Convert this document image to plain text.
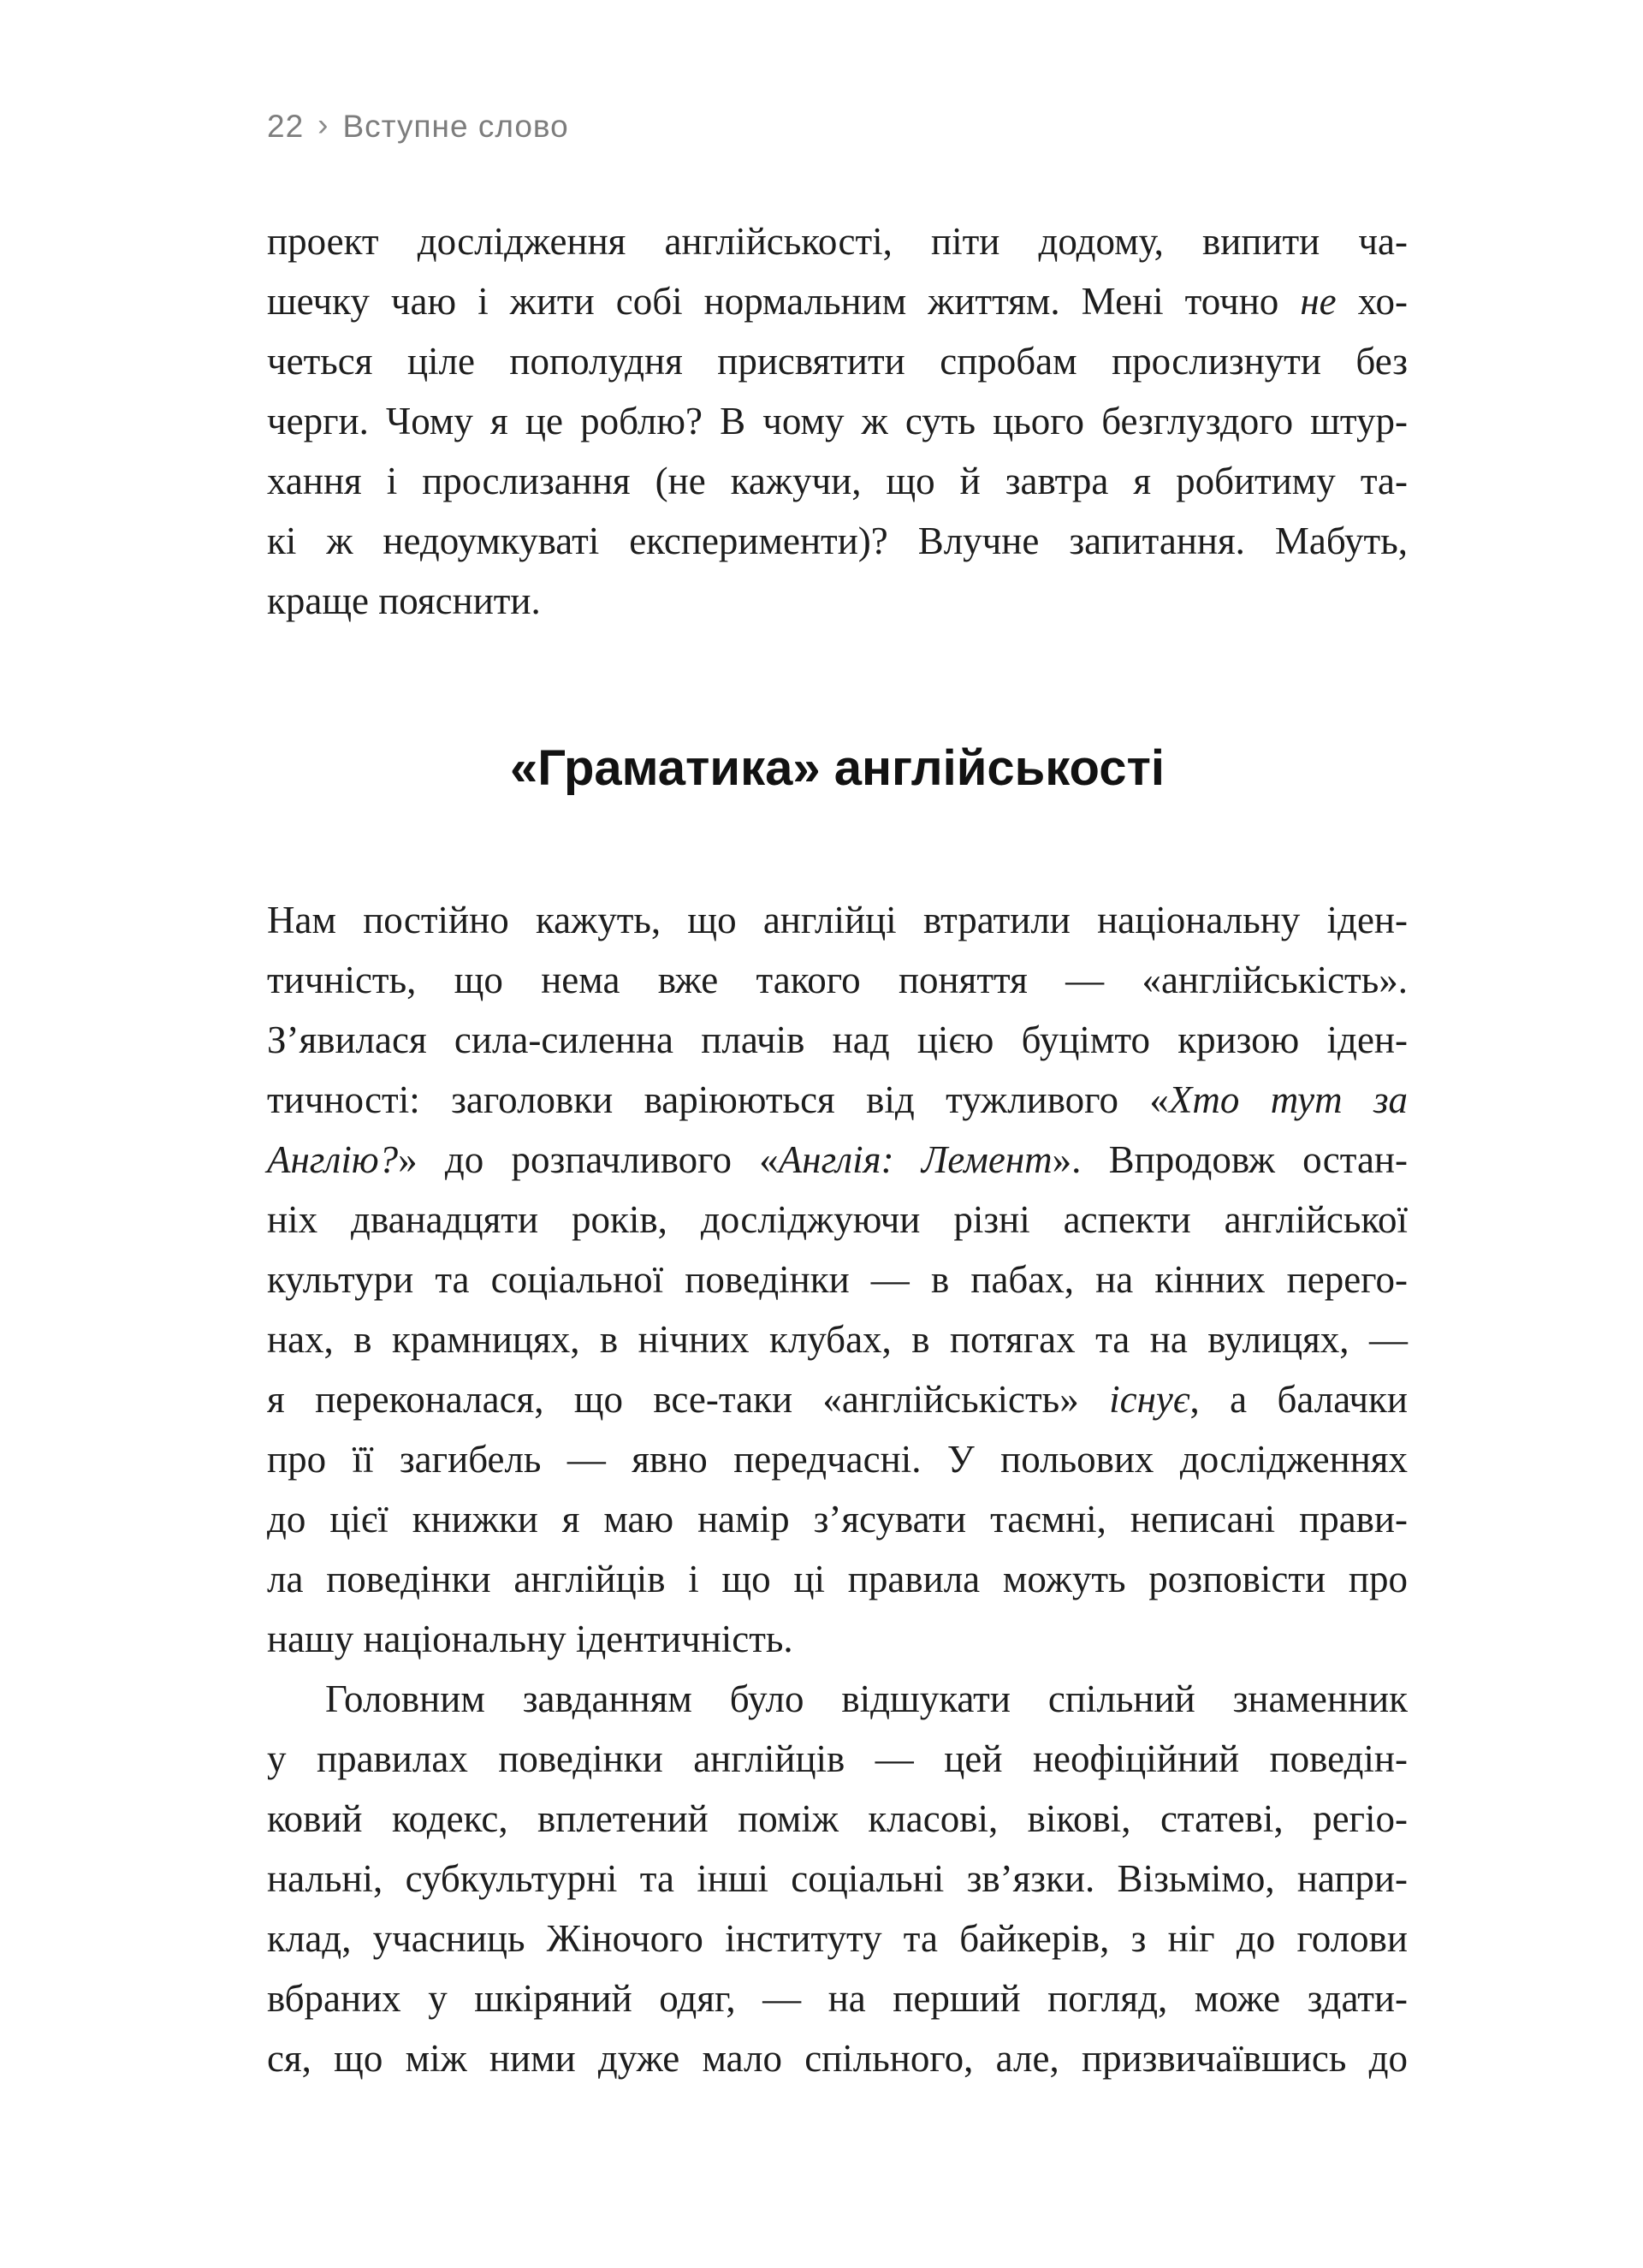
22 › Вступне слово
проект дослідження англійськості, піти додому, випити ча-
шечку чаю і жити собі нормальним життям. Мені точно не хо-
четься ціле пополудня присвятити спробам прослизнути без
черги. Чому я це роблю? В чому ж суть цього безглуздого штур-
хання і прослизання (не кажучи, що й завтра я робитиму та-
кі ж недоумкуваті експерименти)? Влучне запитання. Мабуть,
краще пояснити.
«Граматика» англійськості
Нам постійно кажуть, що англійці втратили національну іден-
тичність, що нема вже такого поняття — «англійськість».
З’явилася сила-силенна плачів над цією буцімто кризою іден-
тичності: заголовки варіюються від тужливого «Хто тут за
Англію?» до розпачливого «Англія: Лемент». Впродовж остан-
ніх дванадцяти років, досліджуючи різні аспекти англійської
культури та соціальної поведінки — в пабах, на кінних перего-
нах, в крамницях, в нічних клубах, в потягах та на вулицях, —
я переконалася, що все-таки «англійськість» існує, а балачки
про її загибель — явно передчасні. У польових дослідженнях
до цієї книжки я маю намір з’ясувати таємні, неписані прави-
ла поведінки англійців і що ці правила можуть розповісти про
нашу національну ідентичність.
Головним завданням було відшукати спільний знаменник
у правилах поведінки англійців — цей неофіційний поведін-
ковий кодекс, вплетений поміж класові, вікові, статеві, регіо-
нальні, субкультурні та інші соціальні зв’язки. Візьмімо, напри-
клад, учасниць Жіночого інституту та байкерів, з ніг до голови
вбраних у шкіряний одяг, — на перший погляд, може здати-
ся, що між ними дуже мало спільного, але, призвичаївшись до
